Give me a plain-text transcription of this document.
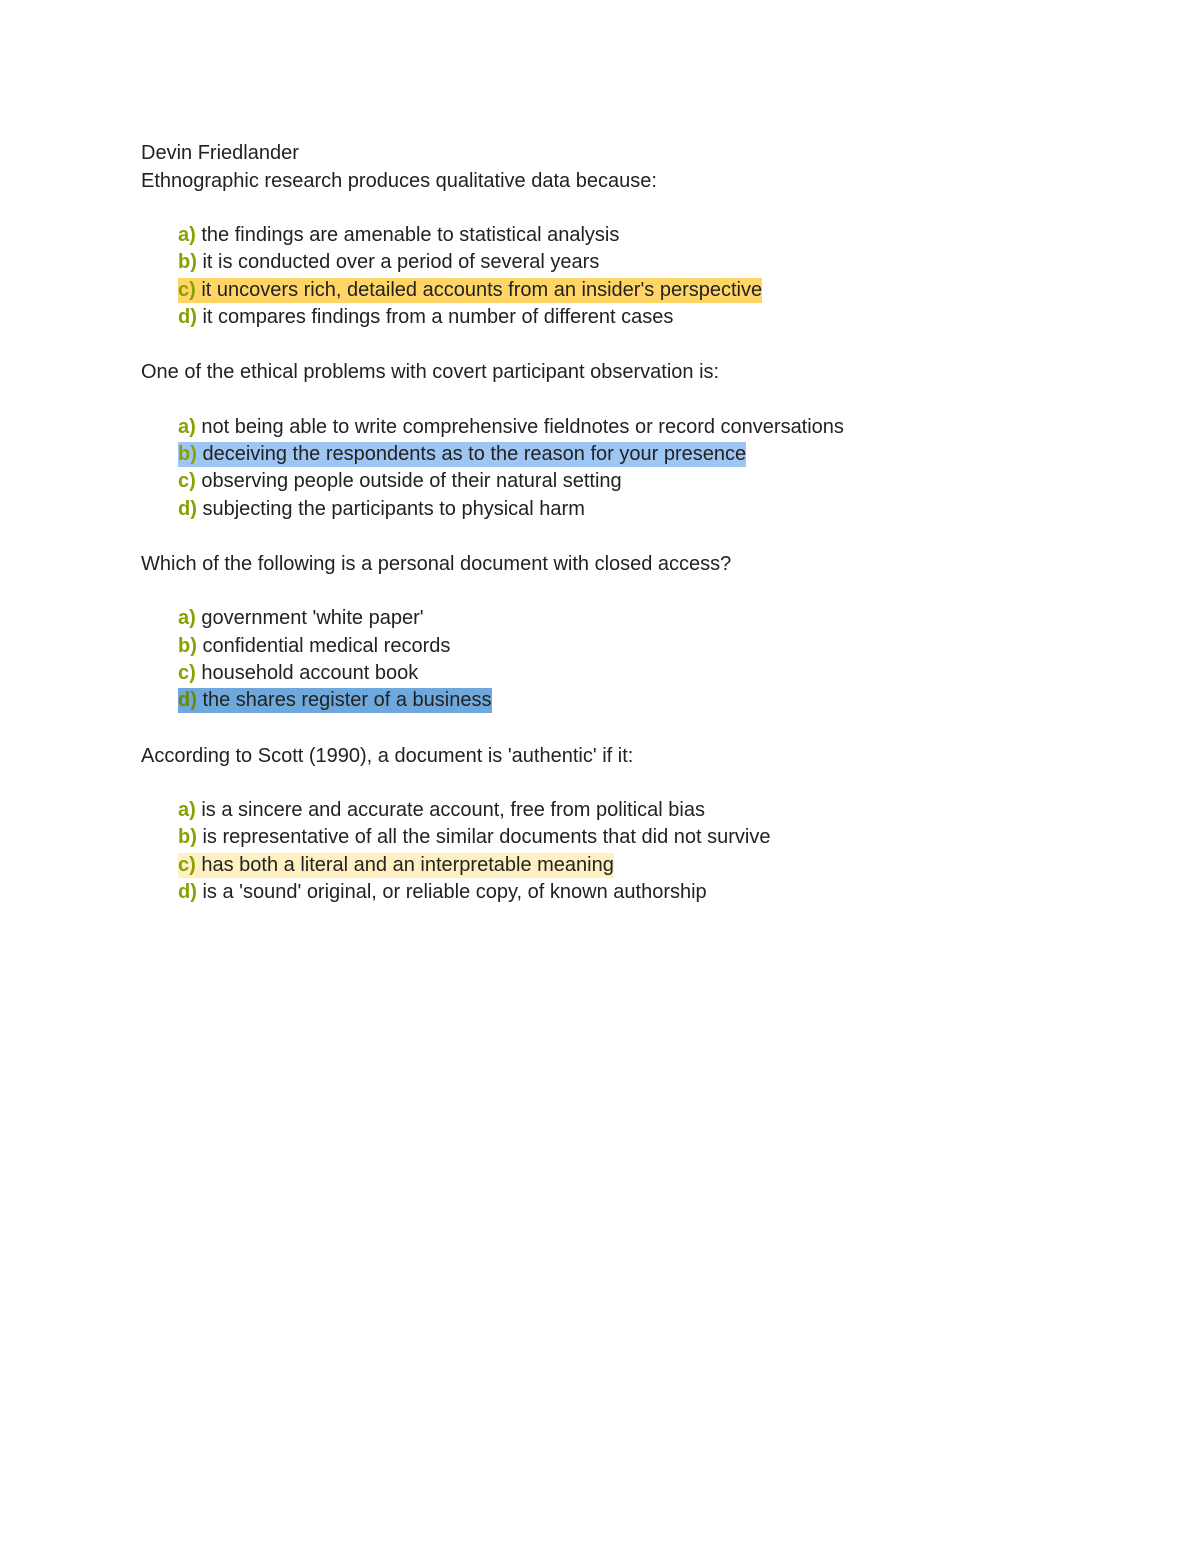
Devin Friedlander
Ethnographic research produces qualitative data because:
a) the findings are amenable to statistical analysis
b) it is conducted over a period of several years
c) it uncovers rich, detailed accounts from an insider's perspective
d) it compares findings from a number of different cases
One of the ethical problems with covert participant observation is:
a) not being able to write comprehensive fieldnotes or record conversations
b) deceiving the respondents as to the reason for your presence
c) observing people outside of their natural setting
d) subjecting the participants to physical harm
Which of the following is a personal document with closed access?
a) government 'white paper'
b) confidential medical records
c) household account book
d) the shares register of a business
According to Scott (1990), a document is 'authentic' if it:
a) is a sincere and accurate account, free from political bias
b) is representative of all the similar documents that did not survive
c) has both a literal and an interpretable meaning
d) is a 'sound' original, or reliable copy, of known authorship
